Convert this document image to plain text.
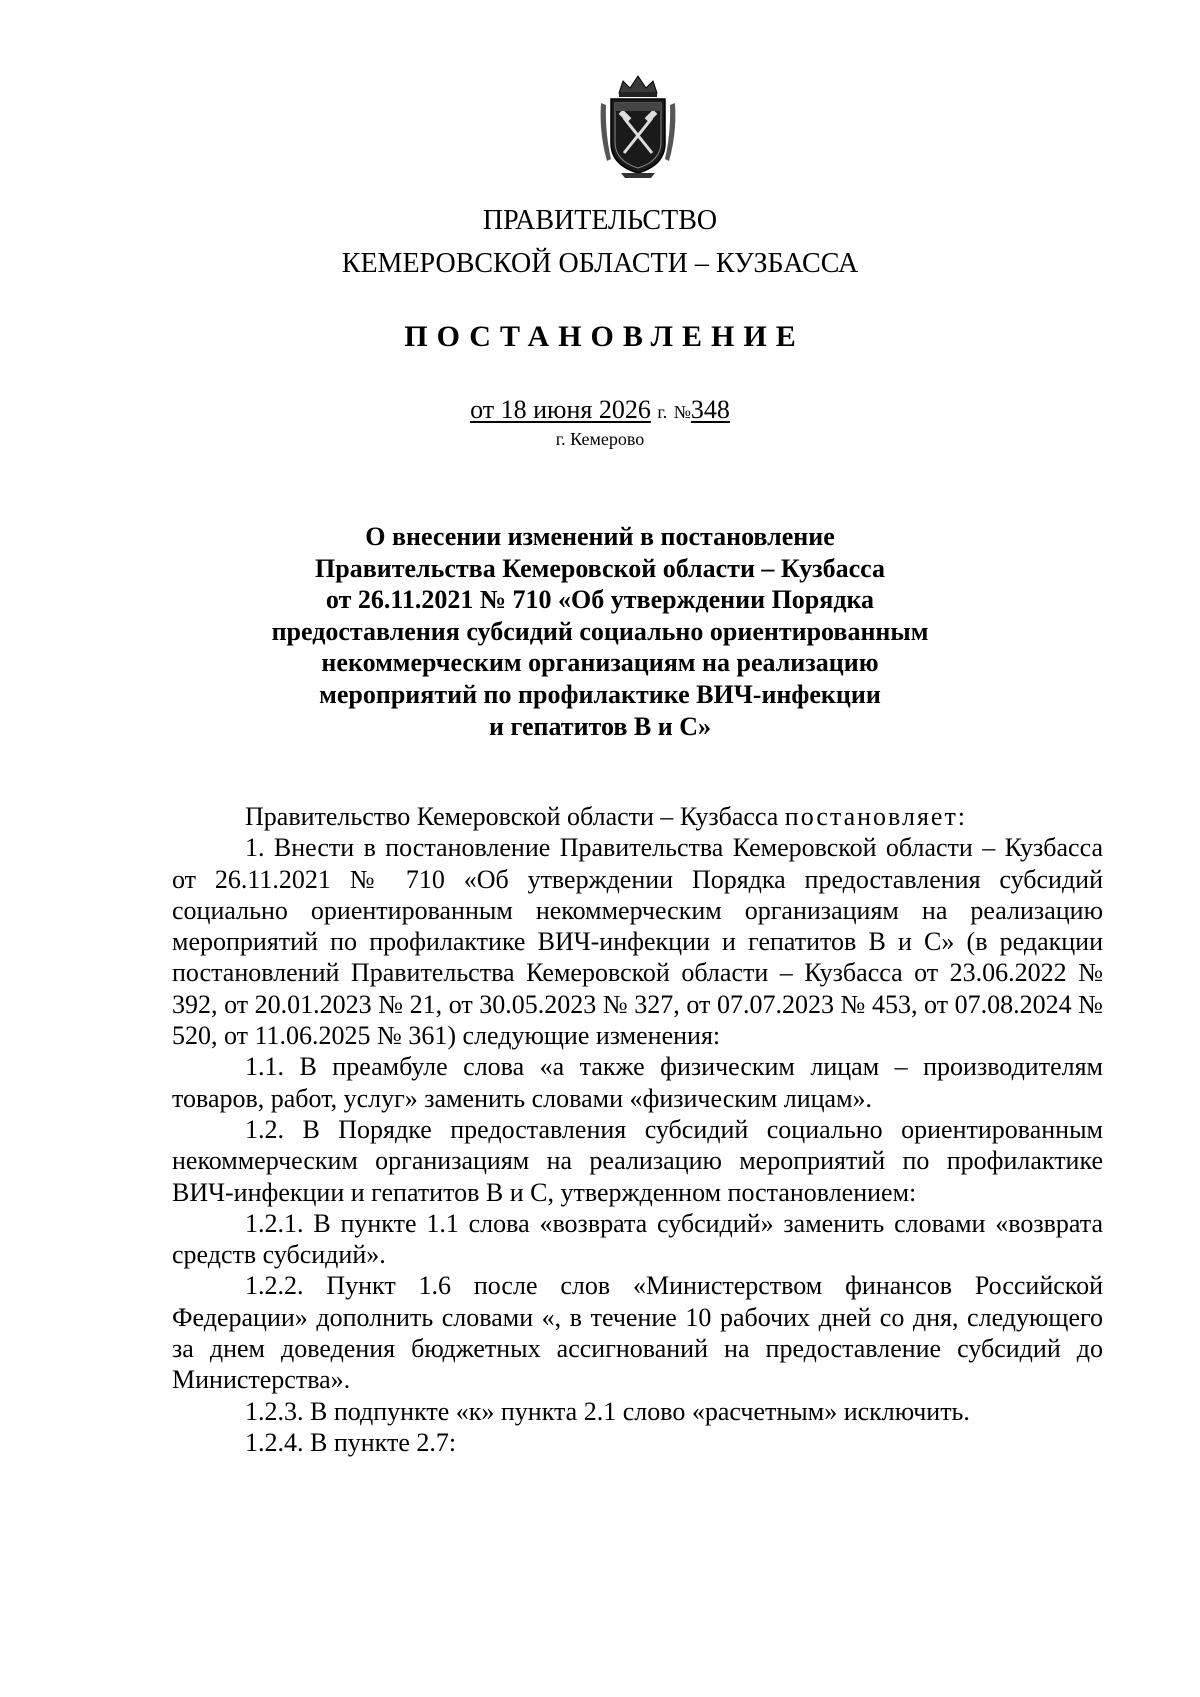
ПРАВИТЕЛЬСТВО
КЕМЕРОВСКОЙ ОБЛАСТИ – КУЗБАССА
ПОСТАНОВЛЕНИЕ
от 18 июня 2026 г. №348
г. Кемерово
О внесении изменений в постановление
Правительства Кемеровской области – Кузбасса
от 26.11.2021 № 710 «Об утверждении Порядка
предоставления субсидий социально ориентированным
некоммерческим организациям на реализацию
мероприятий по профилактике ВИЧ-инфекции
и гепатитов В и С»

Правительство Кемеровской области – Кузбасса постановляет:

1. Внести в постановление Правительства Кемеровской области – Кузбасса от 26.11.2021 № 710 «Об утверждении Порядка предоставления субсидий социально ориентированным некоммерческим организациям на реализацию мероприятий по профилактике ВИЧ-инфекции и гепатитов В и С» (в редакции постановлений Правительства Кемеровской области – Кузбасса от 23.06.2022 № 392, от 20.01.2023 № 21, от 30.05.2023 № 327, от 07.07.2023 № 453, от 07.08.2024 № 520, от 11.06.2025 № 361) следующие изменения:

1.1. В преамбуле слова «а также физическим лицам – производителям товаров, работ, услуг» заменить словами «физическим лицам».

1.2. В Порядке предоставления субсидий социально ориентированным некоммерческим организациям на реализацию мероприятий по профилактике ВИЧ-инфекции и гепатитов В и С, утвержденном постановлением:

1.2.1. В пункте 1.1 слова «возврата субсидий» заменить словами «возврата средств субсидий».

1.2.2. Пункт 1.6 после слов «Министерством финансов Российской Федерации» дополнить словами «, в течение 10 рабочих дней со дня, следующего за днем доведения бюджетных ассигнований на предоставление субсидий до Министерства».

1.2.3. В подпункте «к» пункта 2.1 слово «расчетным» исключить.

1.2.4. В пункте 2.7:
